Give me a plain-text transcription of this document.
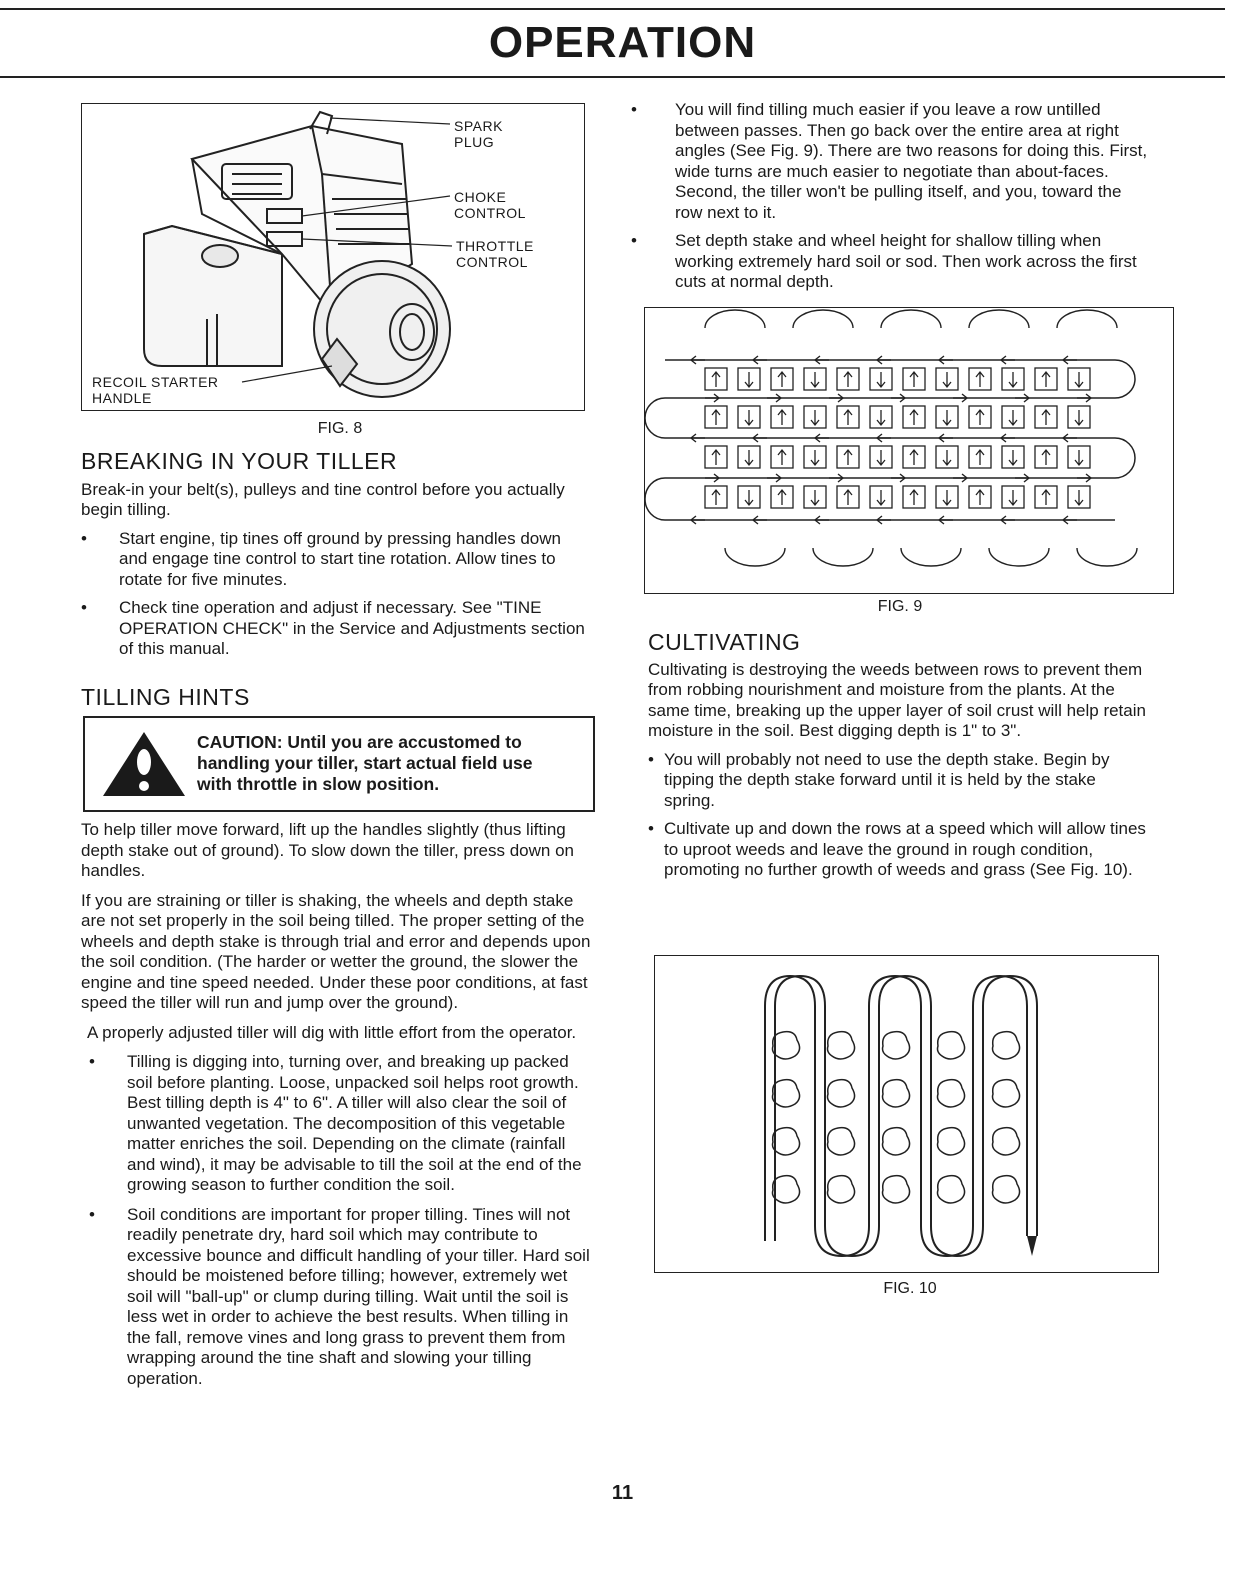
OPERATION
SPARK
PLUG
CHOKE
CONTROL
THROTTLE
CONTROL
RECOIL STARTER
HANDLE
FIG. 8

BREAKING IN YOUR TILLER

Break-in your belt(s), pulleys and tine control before you actually begin tilling.

• Start engine, tip tines off ground by pressing handles down and engage tine control to start tine rotation. Allow tines to rotate for five minutes.

• Check tine operation and adjust if necessary. See "TINE OPERATION CHECK" in the Service and Adjustments section of this manual.

TILLING HINTS

CAUTION: Until you are accustomed to handling your tiller, start actual field use with throttle in slow position.

To help tiller move forward, lift up the handles slightly (thus lifting depth stake out of ground). To slow down the tiller, press down on handles.

If you are straining or tiller is shaking, the wheels and depth stake are not set properly in the soil being tilled. The proper setting of the wheels and depth stake is through trial and error and depends upon the soil condition. (The harder or wetter the ground, the slower the engine and tine speed needed. Under these poor conditions, at fast speed the tiller will run and jump over the ground).

A properly adjusted tiller will dig with little effort from the operator.

• Tilling is digging into, turning over, and breaking up packed soil before planting. Loose, unpacked soil helps root growth. Best tilling depth is 4" to 6". A tiller will also clear the soil of unwanted vegetation. The decomposition of this vegetable matter enriches the soil. Depending on the climate (rainfall and wind), it may be advisable to till the soil at the end of the growing season to further condition the soil.

• Soil conditions are important for proper tilling. Tines will not readily penetrate dry, hard soil which may contribute to excessive bounce and difficult handling of your tiller. Hard soil should be moistened before tilling; however, extremely wet soil will "ball-up" or clump during tilling. Wait until the soil is less wet in order to achieve the best results. When tilling in the fall, remove vines and long grass to prevent them from wrapping around the tine shaft and slowing your tilling operation.

• You will find tilling much easier if you leave a row untilled between passes. Then go back over the entire area at right angles (See Fig. 9). There are two reasons for doing this. First, wide turns are much easier to negotiate than about-faces. Second, the tiller won't be pulling itself, and you, toward the row next to it.

• Set depth stake and wheel height for shallow tilling when working extremely hard soil or sod. Then work across the first cuts at normal depth.

FIG. 9

CULTIVATING

Cultivating is destroying the weeds between rows to prevent them from robbing nourishment and moisture from the plants. At the same time, breaking up the upper layer of soil crust will help retain moisture in the soil. Best digging depth is 1" to 3".

• You will probably not need to use the depth stake. Begin by tipping the depth stake forward until it is held by the stake spring.

• Cultivate up and down the rows at a speed which will allow tines to uproot weeds and leave the ground in rough condition, promoting no further growth of weeds and grass (See Fig. 10).

FIG. 10
11
